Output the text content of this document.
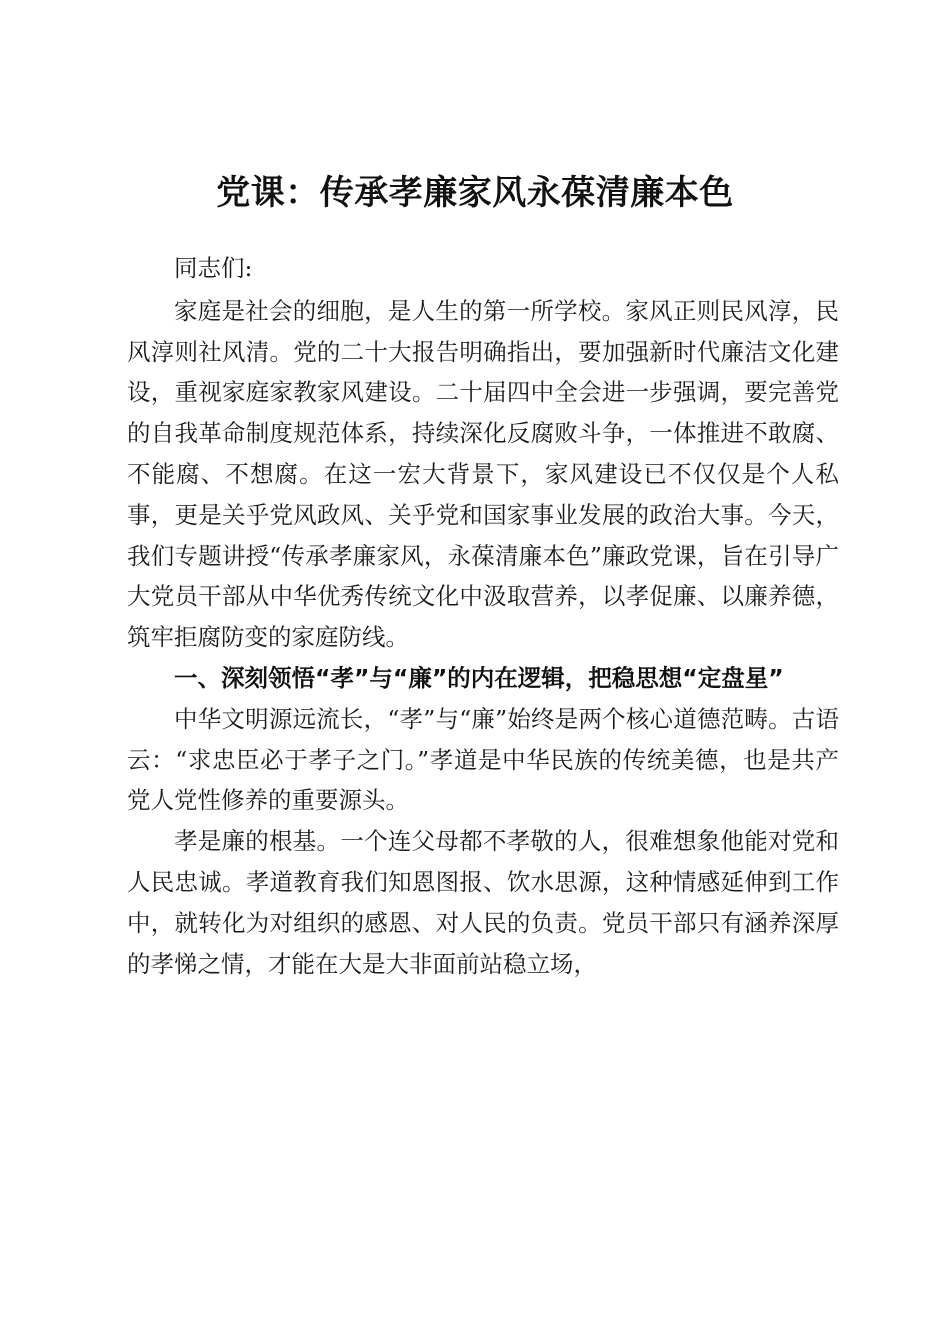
党课：传承孝廉家风永葆清廉本色

同志们:

家庭是社会的细胞，是人生的第一所学校。家风正则民风淳，民风淳则社风清。党的二十大报告明确指出，要加强新时代廉洁文化建设，重视家庭家教家风建设。二十届四中全会进一步强调，要完善党的自我革命制度规范体系，持续深化反腐败斗争，一体推进不敢腐、不能腐、不想腐。在这一宏大背景下，家风建设已不仅仅是个人私事，更是关乎党风政风、关乎党和国家事业发展的政治大事。今天，我们专题讲授“传承孝廉家风，永葆清廉本色”廉政党课，旨在引导广大党员干部从中华优秀传统文化中汲取营养，以孝促廉、以廉养德，筑牢拒腐防变的家庭防线。

一、深刻领悟“孝”与“廉”的内在逻辑，把稳思想“定盘星”

中华文明源远流长，“孝”与“廉”始终是两个核心道德范畴。古语云：“求忠臣必于孝子之门。”孝道是中华民族的传统美德，也是共产党人党性修养的重要源头。

孝是廉的根基。一个连父母都不孝敬的人，很难想象他能对党和人民忠诚。孝道教育我们知恩图报、饮水思源，这种情感延伸到工作中，就转化为对组织的感恩、对人民的负责。党员干部只有涵养深厚的孝悌之情，才能在大是大非面前站稳立场，
